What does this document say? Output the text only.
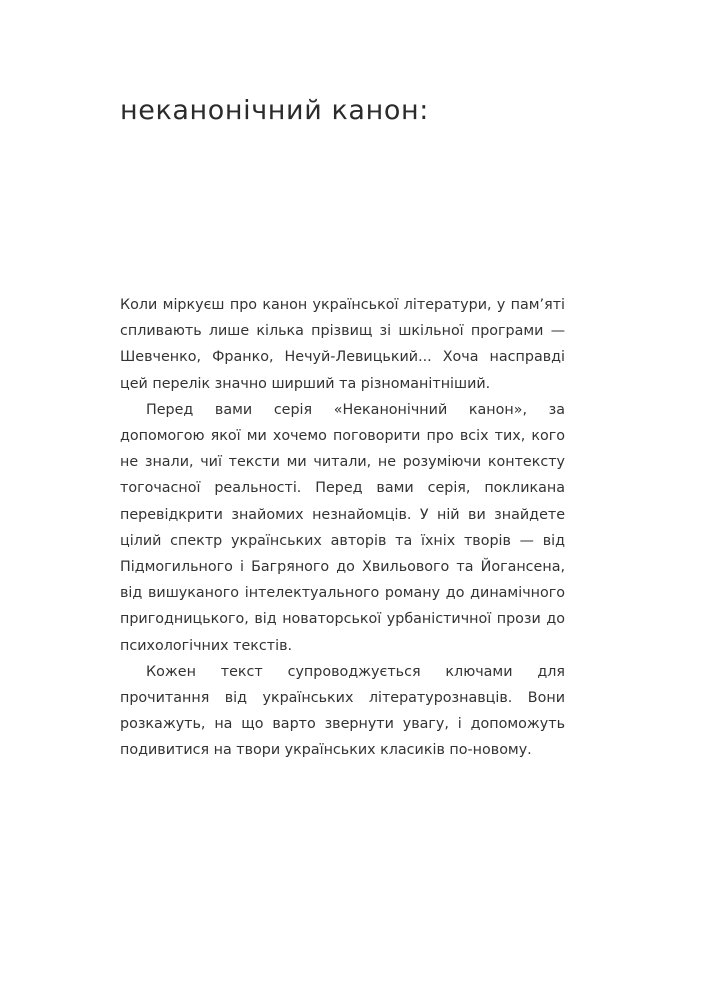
неканонічний канон:

Коли міркуєш про канон української літератури, у пам’яті спливають лише кілька прізвищ зі шкільної програми — Шевченко, Франко, Нечуй-Левицький... Хоча насправді цей перелік значно ширший та різноманітніший.

Перед вами серія «Неканонічний канон», за допомогою якої ми хочемо поговорити про всіх тих, кого не знали, чиї тексти ми читали, не розуміючи контексту тогочасної реальності. Перед вами серія, покликана перевідкрити знайомих незнайомців. У ній ви знайдете цілий спектр українських авторів та їхніх творів — від Підмогильного і Багряного до Хвильового та Йогансена, від вишуканого інтелектуального роману до динамічного пригодницького, від новаторської урбаністичної прози до психологічних текстів.

Кожен текст супроводжується ключами для прочитання від українських літературознавців. Вони розкажуть, на що варто звернути увагу, і допоможуть подивитися на твори українських класиків по-новому.
